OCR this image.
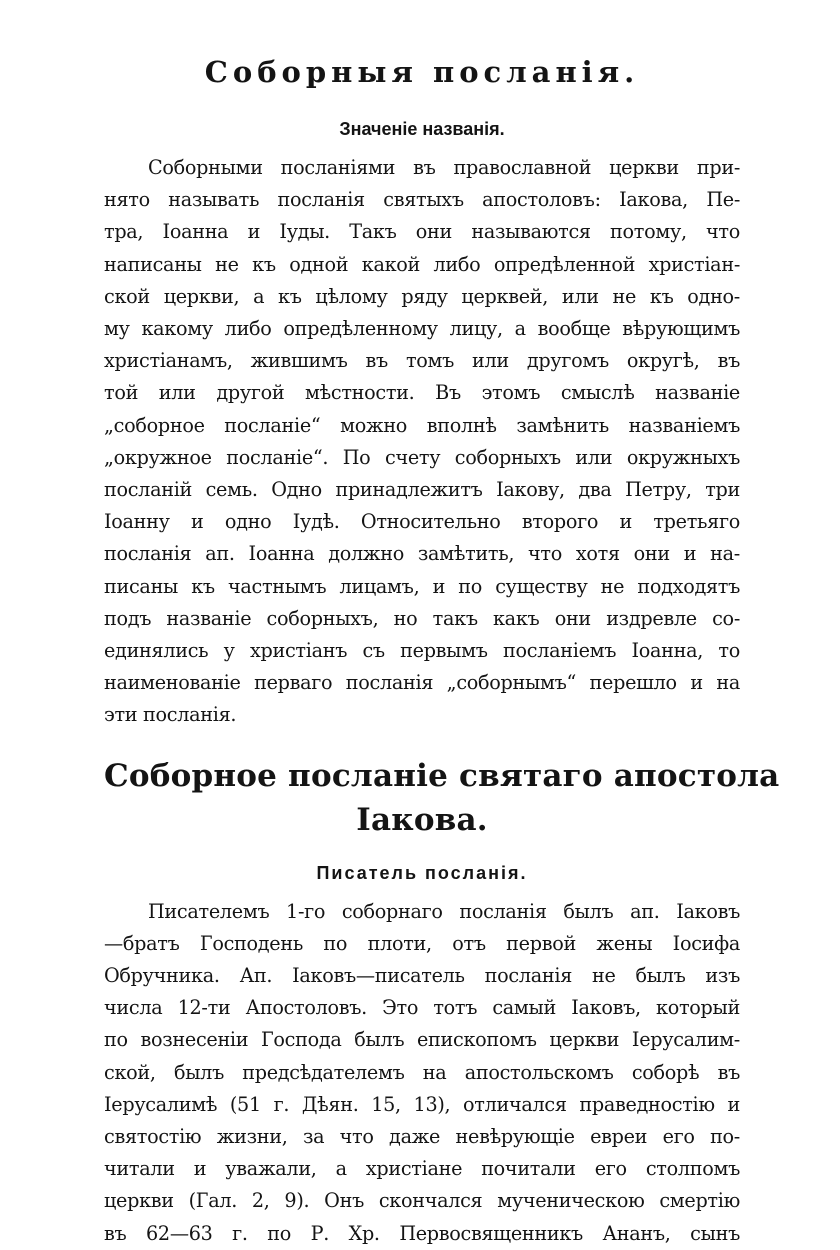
Соборныя посланія.
Значеніе названія.

Соборными посланіями въ православной церкви при-
нято называть посланія святыхъ апостоловъ: Іакова, Пе-
тра, Іоанна и Іуды. Такъ они называются потому, что
написаны не къ одной какой либо опредѣленной христіан-
ской церкви, а къ цѣлому ряду церквей, или не къ одно-
му какому либо опредѣленному лицу, а вообще вѣрующимъ
христіанамъ, жившимъ въ томъ или другомъ округѣ, въ
той или другой мѣстности. Въ этомъ смыслѣ названіе
„соборное посланіе“ можно вполнѣ замѣнить названіемъ
„окружное посланіе“. По счету соборныхъ или окружныхъ
посланій семь. Одно принадлежитъ Іакову, два Петру, три
Іоанну и одно Іудѣ. Относительно второго и третьяго
посланія ап. Іоанна должно замѣтить, что хотя они и на-
писаны къ частнымъ лицамъ, и по существу не подходятъ
подъ названіе соборныхъ, но такъ какъ они издревле со-
единялись у христіанъ съ первымъ посланіемъ Іоанна, то
наименованіе перваго посланія „соборнымъ“ перешло и на
эти посланія.

Соборное посланіе святаго апостола
Іакова.
Писатель посланія.

Писателемъ 1-го соборнаго посланія былъ ап. Іаковъ
—братъ Господень по плоти, отъ первой жены Іосифа
Обручника. Ап. Іаковъ—писатель посланія не былъ изъ
числа 12-ти Апостоловъ. Это тотъ самый Іаковъ, который
по вознесеніи Господа былъ епископомъ церкви Іерусалим-
ской, былъ предсѣдателемъ на апостольскомъ соборѣ въ
Іерусалимѣ (51 г. Дѣян. 15, 13), отличался праведностію и
святостію жизни, за что даже невѣрующіе евреи его по-
читали и уважали, а христіане почитали его столпомъ
церкви (Гал. 2, 9). Онъ скончался мученическою смертію
въ 62—63 г. по Р. Хр. Первосвященникъ Ананъ, сынъ
